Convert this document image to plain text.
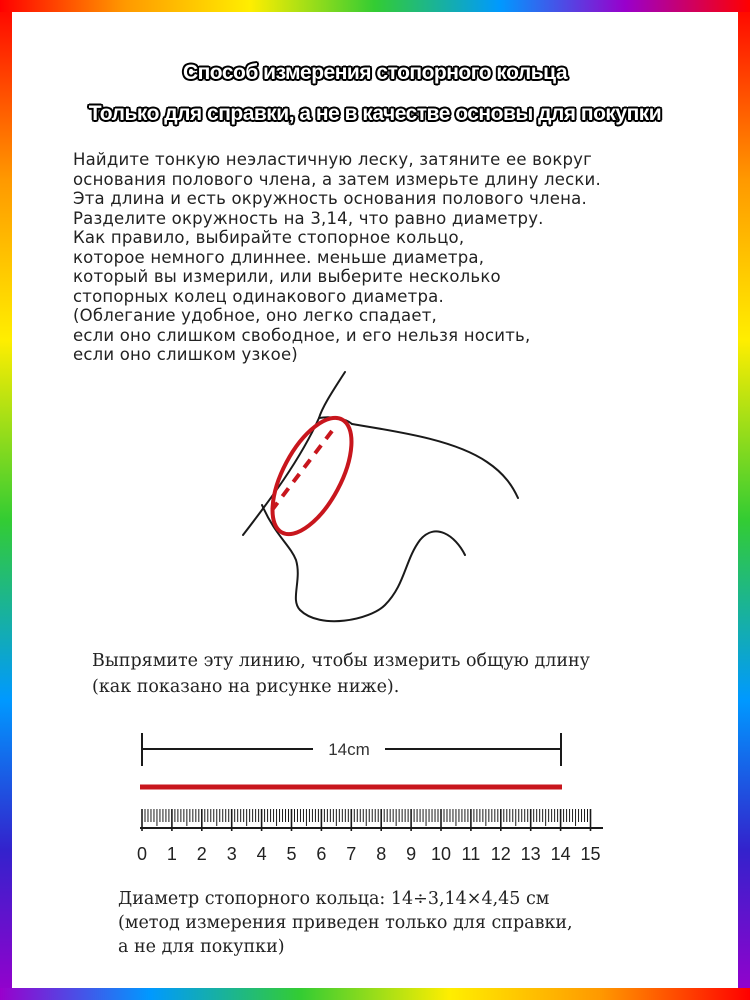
Способ измерения стопорного кольца
Только для справки, а не в качестве основы для покупки
Найдите тонкую неэластичную леску, затяните ее вокруг
основания полового члена, а затем измерьте длину лески.
Эта длина и есть окружность основания полового члена.
Разделите окружность на 3,14, что равно диаметру.
Как правило, выбирайте стопорное кольцо,
которое немного длиннее. меньше диаметра,
который вы измерили, или выберите несколько
стопорных колец одинакового диаметра.
(Облегание удобное, оно легко спадает,
если оно слишком свободное, и его нельзя носить,
если оно слишком узкое)
14cm
0 1 2 3 4 5 6 7 8 9 10 11 12 13 14 15
Выпрямите эту линию, чтобы измерить общую длину
(как показано на рисунке ниже).
Диаметр стопорного кольца: 14÷3,14×4,45 см
(метод измерения приведен только для справки,
а не для покупки)
